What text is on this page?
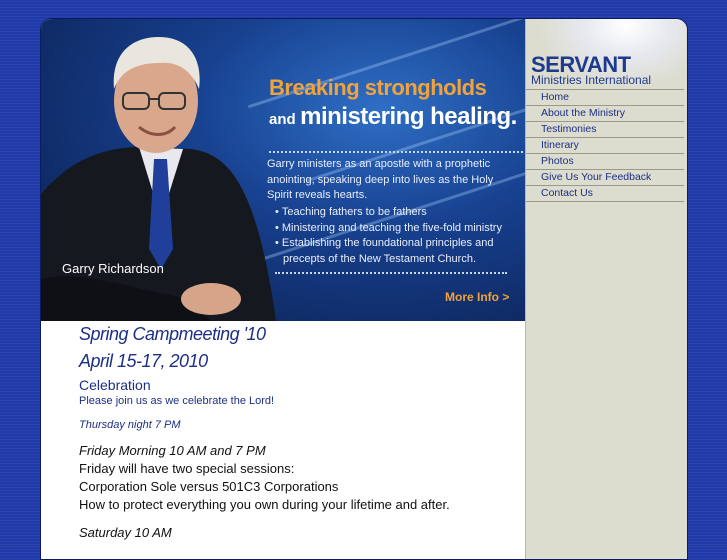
Breaking strongholds
and ministering healing.
Garry ministers as an apostle with a prophetic anointing, speaking deep into lives as the Holy Spirit reveals hearts.
• Teaching fathers to be fathers
• Ministering and teaching the five-fold ministry
• Establishing the foundational principles and precepts of the New Testament Church.
Garry Richardson
More Info >
SERVANT
Ministries International
Home
About the Ministry
Testimonies
Itinerary
Photos
Give Us Your Feedback
Contact Us
Spring Campmeeting '10
April 15-17, 2010
Celebration
Please join us as we celebrate the Lord!
Thursday night 7 PM
Friday Morning 10 AM and 7 PM
Friday will have two special sessions:
Corporation Sole versus 501C3 Corporations
How to protect everything you own during your lifetime and after.
Saturday 10 AM
